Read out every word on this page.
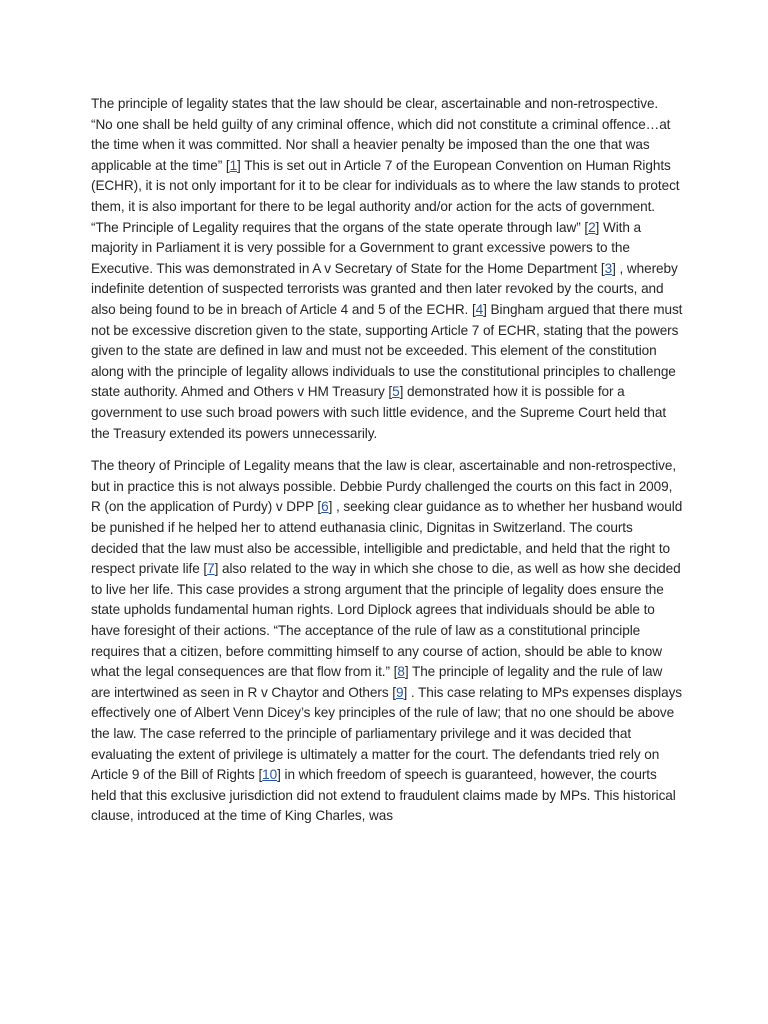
The principle of legality states that the law should be clear, ascertainable and non-retrospective. “No one shall be held guilty of any criminal offence, which did not constitute a criminal offence…at the time when it was committed. Nor shall a heavier penalty be imposed than the one that was applicable at the time” [1] This is set out in Article 7 of the European Convention on Human Rights (ECHR), it is not only important for it to be clear for individuals as to where the law stands to protect them, it is also important for there to be legal authority and/or action for the acts of government. “The Principle of Legality requires that the organs of the state operate through law” [2] With a majority in Parliament it is very possible for a Government to grant excessive powers to the Executive. This was demonstrated in A v Secretary of State for the Home Department [3] , whereby indefinite detention of suspected terrorists was granted and then later revoked by the courts, and also being found to be in breach of Article 4 and 5 of the ECHR. [4] Bingham argued that there must not be excessive discretion given to the state, supporting Article 7 of ECHR, stating that the powers given to the state are defined in law and must not be exceeded. This element of the constitution along with the principle of legality allows individuals to use the constitutional principles to challenge state authority. Ahmed and Others v HM Treasury [5] demonstrated how it is possible for a government to use such broad powers with such little evidence, and the Supreme Court held that the Treasury extended its powers unnecessarily.

The theory of Principle of Legality means that the law is clear, ascertainable and non-retrospective, but in practice this is not always possible. Debbie Purdy challenged the courts on this fact in 2009, R (on the application of Purdy) v DPP [6] , seeking clear guidance as to whether her husband would be punished if he helped her to attend euthanasia clinic, Dignitas in Switzerland. The courts decided that the law must also be accessible, intelligible and predictable, and held that the right to respect private life [7] also related to the way in which she chose to die, as well as how she decided to live her life. This case provides a strong argument that the principle of legality does ensure the state upholds fundamental human rights. Lord Diplock agrees that individuals should be able to have foresight of their actions. “The acceptance of the rule of law as a constitutional principle requires that a citizen, before committing himself to any course of action, should be able to know what the legal consequences are that flow from it.” [8] The principle of legality and the rule of law are intertwined as seen in R v Chaytor and Others [9] . This case relating to MPs expenses displays effectively one of Albert Venn Dicey’s key principles of the rule of law; that no one should be above the law. The case referred to the principle of parliamentary privilege and it was decided that evaluating the extent of privilege is ultimately a matter for the court. The defendants tried rely on Article 9 of the Bill of Rights [10] in which freedom of speech is guaranteed, however, the courts held that this exclusive jurisdiction did not extend to fraudulent claims made by MPs. This historical clause, introduced at the time of King Charles, was
